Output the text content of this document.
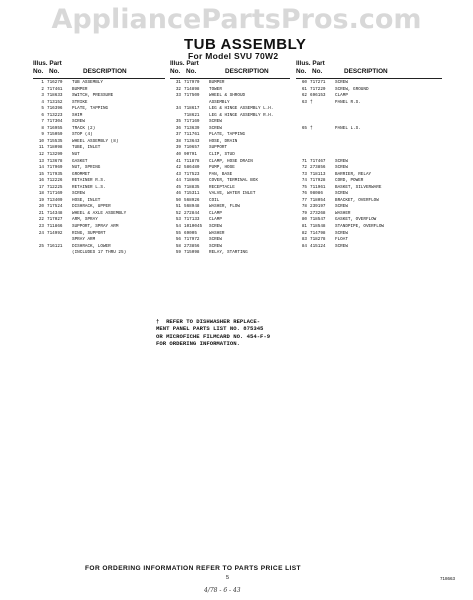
AppliancePartsPros.com
TUB ASSEMBLY
For Model SVU 70W2
Illus. Part
No. No.	DESCRIPTION
1 716270	TUB ASSEMBLY
2 717461	BUMPER
3 718633	SWITCH, PRESSURE
4 713152	STRIKE
5 716396	PLATE, TAPPING
6 713223	SHIM
7 717304	SCREW
8 716955	TRACK (2)
9 715059	STOP (4)
10 715535	WHEEL ASSEMBLY (8)
11 718098	TUBE, INLET
12 713299	NUT
13 713678	GASKET
14 717969	NUT, SPRING
15 717935	GROMMET
16 712226	RETAINER R.S.
17 712225	RETAINER L.S.
18 717169	SCREW
19 713409	HOSE, INLET
20 717524	DISHRACK, UPPER
21 714348	WHEEL & AXLE ASSEMBLY
22 717027	ARM, SPRAY
23 711866	SUPPORT, SPRAY ARM
24 714992	RING, SUPPORT
SPRAY ARM
25 716121	DISHRACK, LOWER
(INCLUDES 17 THRU 25)
Illus. Part
No. No.	DESCRIPTION
31 717970	BUMPER
32 714898	TOWER
33 717509	WHEEL & SHROUD
ASSEMBLY
34 718617	LEG & HINGE ASSEMBLY L.H.
718621	LEG & HINGE ASSEMBLY R.H.
35 717169	SCREW
36 713639	SCREW
37 711761	PLATE, TAPPING
38 713643	HOSE, DRAIN
39 710657	SUPPORT
40 90791	CLIP, STUD
41 711878	CLAMP, HOSE DRAIN
42 586480	PUMP, HOSE
43 717523	PAN, BASE
44 718605	COVER, TERMINAL BOX
45 718835	RECEPTACLE
46 715311	VALVE, WATER INLET
50 568926	COIL
51 568948	WASHER, FLOW
52 272844	CLAMP
53 717133	CLAMP
54 1010045	SCREW
55 69005	WASHER
56 717972	SCREW
58 273856	SCREW
59 715098	RELAY, STARTING
Illus. Part
No. No.	DESCRIPTION
60 717271	SCREW
61 717220	SCREW, GROUND
62 696153	CLAMP
63 †	PANEL R.S.
65 †	PANEL L.S.
71 717467	SCREW
72 273856	SCREW
73 718113	BARRIER, RELAY
74 717928	CORD, POWER
75 711961	BASKET, SILVERWARE
76 98086	SCREW
77 718054	BRACKET, OVERFLOW
78 239197	SCREW
79 273268	WASHER
80 718547	GASKET, OVERFLOW
81 718548	STANDPIPE, OVERFLOW
82 714798	SCREW
83 718278	FLOAT
84 415124	SCREW
†  REFER TO DISHWASHER REPLACE-
MENT PANEL PARTS LIST NO. 875345
OR MICROFICHE FILMCARD NO. 454-F-9
FOR ORDERING INFORMATION.
FOR ORDERING INFORMATION REFER TO PARTS PRICE LIST
5	718663
4/78 - 6 - 43
